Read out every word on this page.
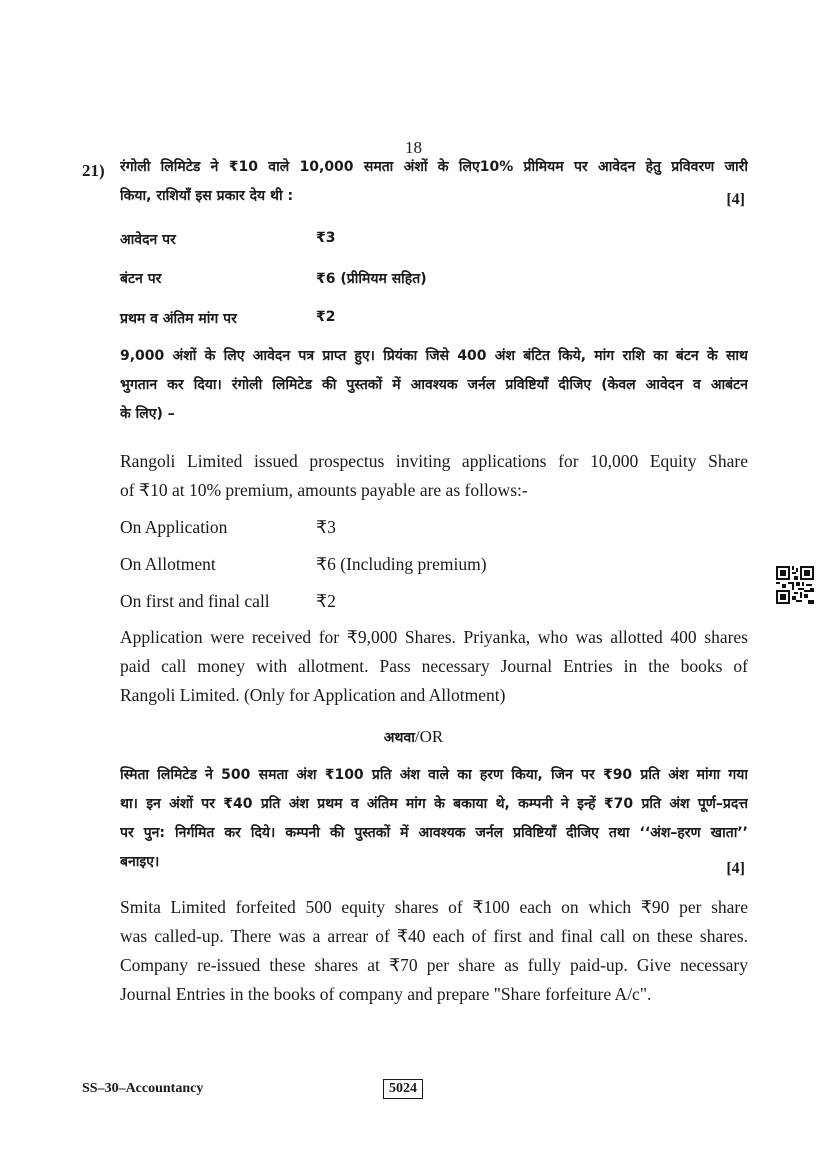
18
21) रंगोली लिमिटेड ने ₹10 वाले 10,000 समता अंशों के लिए10% प्रीमियम पर आवेदन हेतु प्रविवरण जारी
किया, राशियाँ इस प्रकार देय थी :	[4]
आवेदन पर	₹3
बंटन पर	₹6 (प्रीमियम सहित)
प्रथम व अंतिम मांग पर	₹2
9,000 अंशों के लिए आवेदन पत्र प्राप्त हुए। प्रियंका जिसे 400 अंश बंटित किये, मांग राशि का बंटन के साथ
भुगतान कर दिया। रंगोली लिमिटेड की पुस्तकों में आवश्यक जर्नल प्रविष्टियाँ दीजिए (केवल आवेदन व आबंटन
के लिए) –
Rangoli Limited issued prospectus inviting applications for 10,000 Equity Share
of ₹10 at 10% premium, amounts payable are as follows:-
On Application	₹3
On Allotment	₹6 (Including premium)
On first and final call	₹2
Application were received for ₹9,000 Shares. Priyanka, who was allotted 400 shares
paid call money with allotment. Pass necessary Journal Entries in the books of
Rangoli Limited. (Only for Application and Allotment)
अथवा/OR
स्मिता लिमिटेड ने 500 समता अंश ₹100 प्रति अंश वाले का हरण किया, जिन पर ₹90 प्रति अंश मांगा गया
था। इन अंशों पर ₹40 प्रति अंश प्रथम व अंतिम मांग के बकाया थे, कम्पनी ने इन्हें ₹70 प्रति अंश पूर्ण–प्रदत्त
पर पुन: निर्गमित कर दिये। कम्पनी की पुस्तकों में आवश्यक जर्नल प्रविष्टियाँ दीजिए तथा ‘‘अंश–हरण खाता’’
बनाइए।	[4]
Smita Limited forfeited 500 equity shares of ₹100 each on which ₹90 per share
was called-up. There was a arrear of ₹40 each of first and final call on these shares.
Company re-issued these shares at ₹70 per share as fully paid-up. Give necessary
Journal Entries in the books of company and prepare "Share forfeiture A/c".
SS–30–Accountancy	5024
